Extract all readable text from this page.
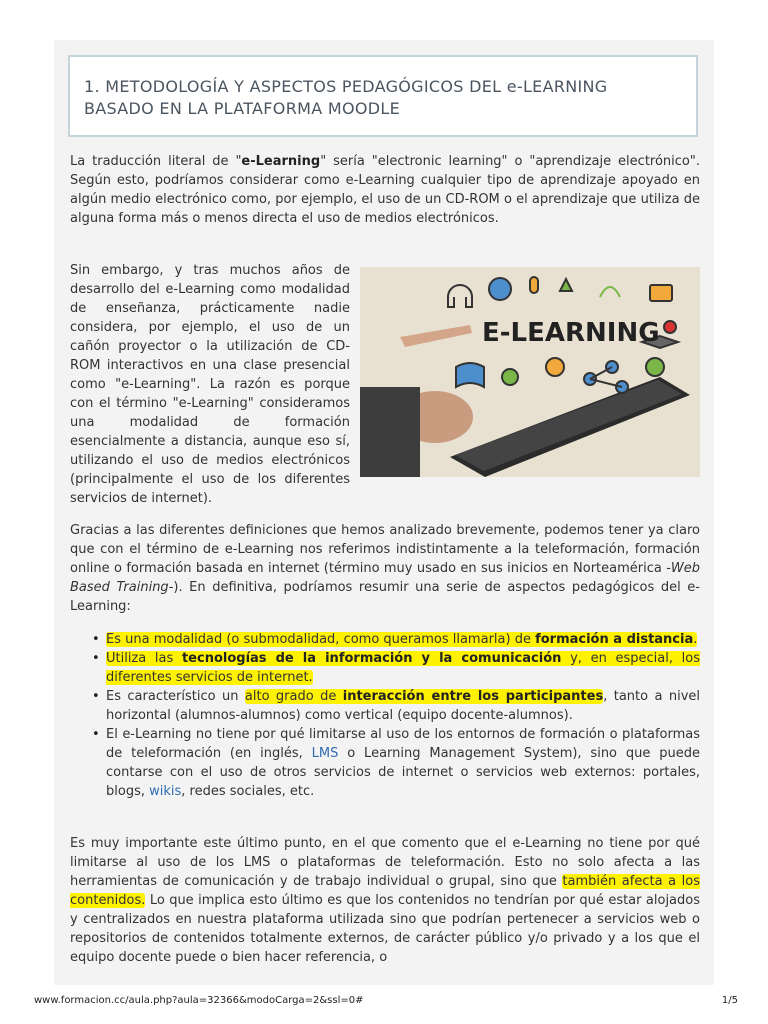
1. METODOLOGÍA Y ASPECTOS PEDAGÓGICOS DEL e-LEARNING BASADO EN LA PLATAFORMA MOODLE

La traducción literal de "e-Learning" sería "electronic learning" o "aprendizaje electrónico". Según esto, podríamos considerar como e-Learning cualquier tipo de aprendizaje apoyado en algún medio electrónico como, por ejemplo, el uso de un CD-ROM o el aprendizaje que utiliza de alguna forma más o menos directa el uso de medios electrónicos.

E-LEARNING
Sin embargo, y tras muchos años de desarrollo del e-Learning como modalidad de enseñanza, prácticamente nadie considera, por ejemplo, el uso de un cañón proyector o la utilización de CD-ROM interactivos en una clase presencial como "e-Learning". La razón es porque con el término "e-Learning" consideramos una modalidad de formación esencialmente a distancia, aunque eso sí, utilizando el uso de medios electrónicos (principalmente el uso de los diferentes servicios de internet).

Gracias a las diferentes definiciones que hemos analizado brevemente, podemos tener ya claro que con el término de e-Learning nos referimos indistintamente a la teleformación, formación online o formación basada en internet (término muy usado en sus inicios en Norteamérica -Web Based Training-). En definitiva, podríamos resumir una serie de aspectos pedagógicos del e-Learning:

• Es una modalidad (o submodalidad, como queramos llamarla) de formación a distancia.
• Utiliza las tecnologías de la información y la comunicación y, en especial, los diferentes servicios de internet.
• Es característico un alto grado de interacción entre los participantes, tanto a nivel horizontal (alumnos-alumnos) como vertical (equipo docente-alumnos).
• El e-Learning no tiene por qué limitarse al uso de los entornos de formación o plataformas de teleformación (en inglés, LMS o Learning Management System), sino que puede contarse con el uso de otros servicios de internet o servicios web externos: portales, blogs, wikis, redes sociales, etc.

Es muy importante este último punto, en el que comento que el e-Learning no tiene por qué limitarse al uso de los LMS o plataformas de teleformación. Esto no solo afecta a las herramientas de comunicación y de trabajo individual o grupal, sino que también afecta a los contenidos. Lo que implica esto último es que los contenidos no tendrían por qué estar alojados y centralizados en nuestra plataforma utilizada sino que podrían pertenecer a servicios web o repositorios de contenidos totalmente externos, de carácter público y/o privado y a los que el equipo docente puede o bien hacer referencia, o

www.formacion.cc/aula.php?aula=32366&modoCarga=2&ssl=0#	1/5
